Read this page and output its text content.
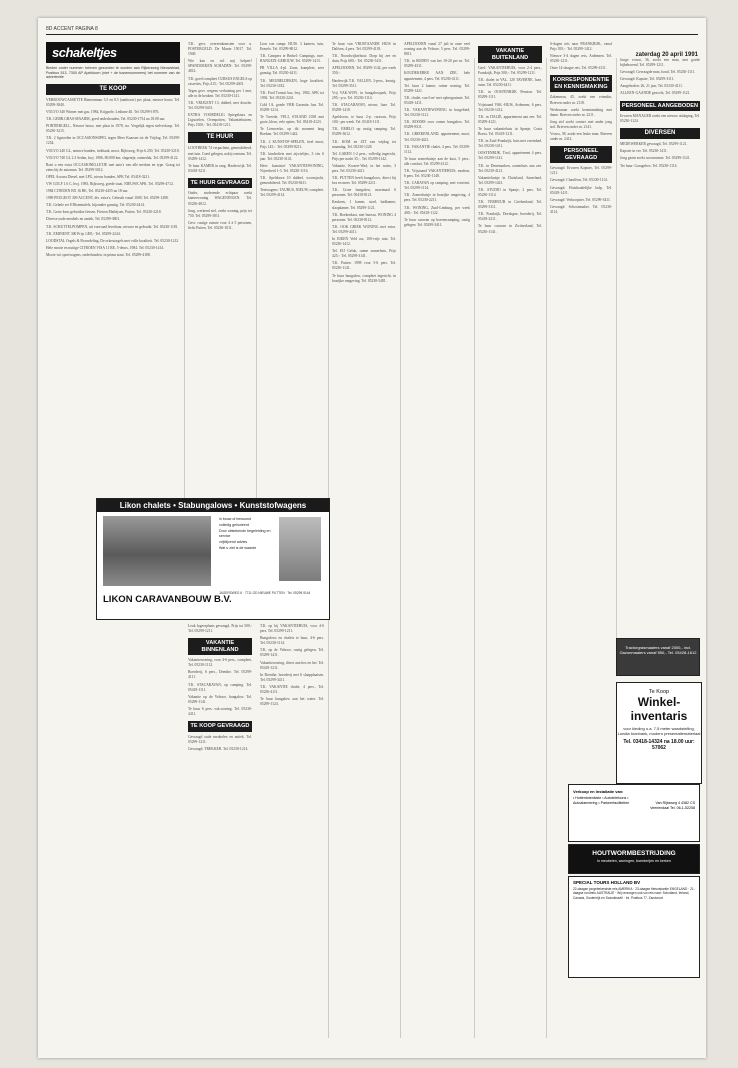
8D ACCENT PAGINA 8
zaterdag 20 april 1991
schakeltjes
Bieden onder nummer: brieven gezonden te worden aan Rijkersweg Nieuwsblad, Postbus 513, 7300 AP Apeldoorn (niet + de tussennummers) het nummer van de advertentie
TE KOOP

VERBOUWCASSETTE Binnenmuur 3.5 en 8.5 (aanbouw) pvc plaat, nieuwe bouw. Tel. 05299-3840.

VOLVO 340 Winner met gas, 1984, Krijgsele, Ledinne 40. Tel. 05299-1876.

T.K. GEBR.GRAS-MAAIER, goed onderhouden, Tel. 05230-1754 na 18.00 uur.

PORTIERGELL, Nieuwe bouw, met plaat in 1978, tra. Vergelijk tegen stelverkoop. Tel. 05230-3215.

T.K. 2 ligstoelen in OCCASIONSOPEL tegen Meer Kaarsen tot de Vrijdag. Tel. 05299-1254.

VOLVO 240 GL, nieuwe banden, trekhaak, mooi, Rijksweg, Prijs 6.250, Tel. 05230-5218.

VOLVO 740 GL 2.3 Sedan, bwj. 1986, 80.000 km. slagentje, zonnedak, Tel. 05299-4122.

Roni u een extra OCCASIONELLETJE met auto's van alle merken en type. Graag tot ziens bij de automan. Tel. 05299-5012.

OPEL Ascona Diesel, met LPG, nieuw banden, APK Tel. 05418-3221.

VW GOLF 1.6 C, bwj. 1983, Rijksweg, goede staat, NIEUWE APK. Tel. 05299-4712.

1984 CITROEN BX 16 RE, Tel. 05230-4455 na 18 uur.

1989 PEUGEOT 309 ACCENT, div. extra's, Gebruik vanaf 1000, Tel. 05299-1288.

T.K. Gehele set 8 Bloemtafels, bijzonder gunstig. Tel. 05230-4414.

T.K. Grote keus gebruikte fietsen, Fietsen Mathijsen, Putten. Tel. 05230-2218.

Diverse oude meubels en antiek, Tel. 05299-3801.

T.K. SCHUTTELPOMPEN, uit voorraad leverbaar, nieuwe en gebruikt. Tel. 05230-1181.

T.K. EMINENT 300 Prijs 1495,- Tel. 05299-2244.

LOODSTAL Orgels & Bouwdeling, De orkestorgels met volle kwaliteit. Tel. 05230-1212.

Hele mooie en nuttige CITROEN VISA 11 RE, 5-deurs, 1984. Tel. 05230-1414.

Mooie wit sportwagens, onderhouden, in prima staat. Tel. 05299-4188.

T.K. gevr. overeenkomsten voor u. POSTERGELD. De Munte 15017. Tel. 1949.

Wie kan en wil mij helpen? SPANDOEKEN SCHADEN: Tel. 05299-4812.

T.K. goed compleet CURSUS ENGELS op cassettes, Prijs 415,- Tel. 05299-4401.

Tegen gevr. wegens verhuizing per 1 mei, alle in de keuken. Tel. 05230-1141.

T.K. VRIJGENT 13, dubbel, met douche. Tel. 05299-5431.

EXTRA VOORDELIG Spiegelaars en Ligstoelen, Ovenpotten, Vakantiehuizen, Prijs 1500,- Tel. 05418-1211.

TE HUUR

LOOTBEEK 74 verpachten, gemeubileerd, met tuin. Goed gelegen, nabij centrum. Tel. 05299-1412.

Te huur KAMER in omg. Harderwijk. Tel. 03418-3211.

TE HUUR GEVRAAGD

Ouder, studerende echtpaar zoekt kamerwoning WAGENINGEN. Tel. 05230-4812.

Jong, werkend stel, zoekt woning, prijs tot 750. Tel. 05299-3811.

Gevr. rustige ruimte voor 4 à 5 personen, liefst Putten. Tel. 05230-1011.

Lion con campr. HUIS. 3 kamers, tuin, Ermelo. Tel. 05299-8012.

T.K. Campers te Berkel: Campings, nwe. BANGEIX-GEBOUW, Tel. 05299-1413.

PR VILLA 4-pl. Zoon, kompleet, zeer gunstig. Tel. 05230-4411.

T.K. MEUBELDEKEN, hoge kwaliteit. Tel. 05230-1182.

T.K. Ford Transit bus, bwj. 1982, APK tot 1992. Tel. 05230-2241.

Cold 1A, goede VRR Garantie, km. Tel. 05299-1214.

Te Tweede, VELI, STAAND 1038 met grote, kleur, vele opties. Tel. 05418-4123.

Te Lienwerke, op dit moment lang Boeken. Tel. 05299-1442.

T.K. 2 KUNSTOF-SPELEN, heel mooi, Prijs 145,-. Tel. 05299-8211.

T.K. kinderfiets met zijwieltjes, 3 t/m 6 jaar. Tel. 05230-3141.

Heer: kunststof VAKANTIEWONING, Nijverheid 1-3. Tel. 05230-1116.

T.K. Apeldoorn 10 dubbel, woonsjacht, gemeubileerd. Tel. 05230-8411.

Tentwagens: TAURUS, NIEUW, compleet. Tel. 05299-4114.

Te huur van VRIJSTAANDE HUIS in Dalfsen, 4 pers. Tel. 05299-4118.

T.K. Noordwijkerhout: Dorp bij zee en duin, Prijs 600,-. Tel. 05230-5411.

APELDOORN, Tel. 05299-1142, per week 350,-.

Hardewijk T.K. VALLEN, 2-pers., keurig. Tel. 05299-3511.

Vrij VAK.WON. in bungalowpark, Prijs 295,- p.w. Tel. 05230-1114.

T.K. STACARAVAN, nieuw, luxe. Tel. 05299-1418.

Apeldoorn, te huur 2-p. caravan, Prijs 100,- per week. Tel. 05418-1111.

T.K. EMELO op rustig camping. Tel. 05299-3612.

T.K. KOM en ZIT van vrijdag tot maandag, Tel. 05230-1228.

Tel. GAREN 1-2 pers., volledig ingericht, Prijs per nacht 35,-. Tel. 05299-1142.

Vakantie, Kwarte-Wad, in het water, 3 pers. Tel. 05230-4411.

T.K. PUTTEN heeft bungalows, direct bij bos en meer. Tel. 05299-2211.

T.K. Grote bungalow, maximaal 6 personen. Tel. 05418-8121.

Keukens, 1 kamer, stoel, badkamer, slaapkamer. Tel. 05299-1121.

T.K. Boekenkast, met bureau, WONING 4 personen. Tel. 05230-8112.

T.K. OOK GRIEK WONING met extra. Tel. 05299-4411.

In EIKEN Veld ras, 100-vrije tuin. Tel. 05230-1412.

Tel. EIJ Geluk, ruime zomerhuis, Prijs 425,-. Tel. 05299-3141.

T.K. Putten: 1998 voor 5-6 pers. Tel. 05230-1141.

Te huur bungalow, compleet ingericht, in bosrijke omgeving. Tel. 05230-5481.

APELDOORN vanaf 27 juli in onze veel woning aan de Veluwe, 5 pers. Tel. 05299-8811.

T.K. in BODEN van het 10-20 per m. Tel. 05299-4311.

KOUDEKERKE AAN ZEE, hele appartement, 4 pers. Tel. 05230-4111.

Tel. huur 2 kamer, ruime woning. Tel. 05299-1421.

T.K. chalet, van 6 m² met opbergruimte. Tel. 05418-1411.

T.K. VAKANTIEWONING in bosgebied, Tel. 05230-1121.

T.K. ROOMS voor zomer bungalow. Tel. 05299-8311.

T.K. GRIEKENLAND, appartement, mooi, Tel. 05230-4421.

T.K. VAKANTIE chalet, 4 pers. Tel. 05299-1112.

Te huur zomerhuisje aan de kust, 5 pers., alle comfort. Tel. 05299-4112.

T.K. Vrijstaand VAKANTIEHUIS, modern, 6 pers. Tel. 05230-1148.

T.K. CARAVAN op camping, met voortent. Tel. 05299-1114.

T.K. Zomerhuisje in bosrijke omgeving, 4 pers. Tel. 05230-2211.

T.K. WONING, Zuid-Limburg, per week 400,-. Tel. 05418-1122.

Te huur caravan op boerencamping, rustig gelegen. Tel. 05299-3411.

VAKANTIE BUITENLAND

Geef: VAKANTIEHUIS, voor 2-4 pers., Frankrijk, Prijs 500,-. Tel. 05299-1211.

T.K. chalet in VAL. 120 TAVERNE, luxe, ruim. Tel. 05230-4411.

T.K. in OOSTENRIJK Pension. Tel. 05299-1111.

Vrijstaand VAK.-HUIS, Ardennen, 6 pers. Tel. 05230-1412.

T.K. in ITALIË, appartement aan zee. Tel. 05299-4121.

Te huur vakantiehuis in Spanje, Costa Brava. Tel. 05418-1211.

T.K. in Zuid-Frankrijk, huis met zwembad. Tel. 05230-1411.

OOSTENRIJK, Tirol, appartement 4 pers. Tel. 05299-1141.

T.K. in Denemarken, zomerhuis aan zee. Tel. 05230-4121.

Vakantiehuisje in Duitsland, Sauerland, Tel. 05299-1441.

T.K. STUDIO in Spanje, 2 pers. Tel. 05230-1114.

T.K. VERHUUR in Griekenland, Tel. 05299-3111.

T.K. Frankrijk, Dordogne, boerderij, Tel. 05418-2211.

Te huur caravan in Zwitserland, Tel. 05230-1141.

S-dagen reis naar FRANKRIJK, vanaf Prijs 395,-. Tel. 05299-1412.

Nieuwe 3-4 dagen reis, Ardennen. Tel. 05230-1211.

Onze 14-daagse reis. Tel. 05299-4111.

KORRESPONDENTIE EN KENNISMAKING

Zakenman, 45, zoekt een vriendin, Brieven onder nr. 2118.

Weduwnaar zoekt kennismaking met dame. Brieven onder nr. 2211.

Jong stel zoekt contact met ander jong stel. Brieven onder nr. 2141.

Vrouw, 38, zoekt een leuke man. Brieven onder nr. 2412.

PERSONEEL GEVRAAGD

Gevraagd: Ervaren Kapster, Tel. 05299-1211.

Gevraagd: Chauffeur, Tel. 05230-1114.

Gevraagd: Huishoudelijke hulp, Tel. 05418-1411.

Gevraagd: Verkoopster, Tel. 05299-3411.

Gevraagd: Schoonmaker, Tel. 05230-4114.

Jonge vrouw, 36, zoekt een man, met goede bijbehorend, Tel. 05299-1211.

Gevraagd: Gevraagde man, hond, Tel. 05230-1111.

Gevraagd: Kapster, Tel. 05299-3111.

Aangeboden: 26, 21 jaar, Tel. 05230-4111.

ALLEEN-GAANDE gezocht, Tel. 05299-1121.

PERSONEEL AANGEBODEN

Ervaren MANAGER zoekt een nieuwe uitdaging, Tel. 05230-1124.

DIVERSEN

MEDEWERKER gevraagd, Tel. 05299-1121.

Kapster in ver. Tel. 05230-1411.

Jong gezin zoekt woonruimte. Tel. 05299-1141.

Ter huur: Garagebox. Tel. 05230-1114.

Leuk logeerplaats gevraagd, Prijs tot 500,- Tel. 05299-1211.

VAKANTIE BINNENLAND

Vakantiewoning, voor 4-6 pers., compleet, Tel. 05230-1112.

Boerderij, 6 pers., Drenthe. Tel. 05299-4111.

T.K. STACARAVAN, op camping. Tel. 05418-1111.

Vakantie op de Veluwe, bungalow. Tel. 05299-1141.

Te huur 6 pers. vak.woning. Tel. 05230-4411.

TE KOOP GEVRAAGD

Gevraagd oude meubelen en antiek. Tel. 05299-1211.

Gevraagd: TREKKER. Tel. 05230-1214.

T.K. op bij VAKANTIEHUIS, voor 4-6 pers. Tel. 05299-1211.

Bungalows en chalets te huur, 4-6 pers. Tel. 05230-1114.

T.K. op de Veluwe, rustig gelegen, Tel. 05299-1411.

Vakantiewoning, direct aan bos en hei. Tel. 05418-1211.

In Drenthe, boerderij met 6 slaapplaatsen. Tel. 05299-3411.

T.K. VAKANTIE chalet, 4 pers., Tel. 05230-4111.

Te huur bungalow aan het water. Tel. 05299-1124.

Likon chalets • Stabungalows • Kunststofwagens
in bouw of bewoond
volledig geïsoleerd
Door uitstekende begeleiding en service
vrijblijvend advies
Wat u ziet is de waarde
LIKON CARAVANBOUW B.V.
JAGERSWEG 6 · 7711 GD NIEUWE PUTTEN · Tel. 05299-9144
Tractorgrasmaaiers vanaf 2000,- incl. Gazonmaaiers vanaf 550,- Tel. 03428-1612
Te Koop
Winkel-inventaris
voor kleding o.a. 7,5 meter wandstelling, Lundia toonbank, modern presentatiemateriaal
Tel. 03418-14324 na 18.00 uur: 57062
Verkoop en Installatie van:
• Hottentotenkiste • Autotelefoons • Autoalarmering • Parkeerfaciliteiten	Van Rijksweg 4 4382 CS Veenendaal Tel. 06-1-52258
HOUTWORMBESTRIJDING
in meubelen, woningen, boerderijen en kerken
SPECIAL TOURS HOLLAND BV
22-daagse jongebekendste reis AMERIKA · 23-daagse fietsvakantie ENGELAND · 21-daagse rondreis AUSTRALIË · Wij verzorgen ook uw reis naar: Schotland, Ierland, Canada, Oostenrijk en Scandinavië · Inl. Postbus 77, Zandvoort
